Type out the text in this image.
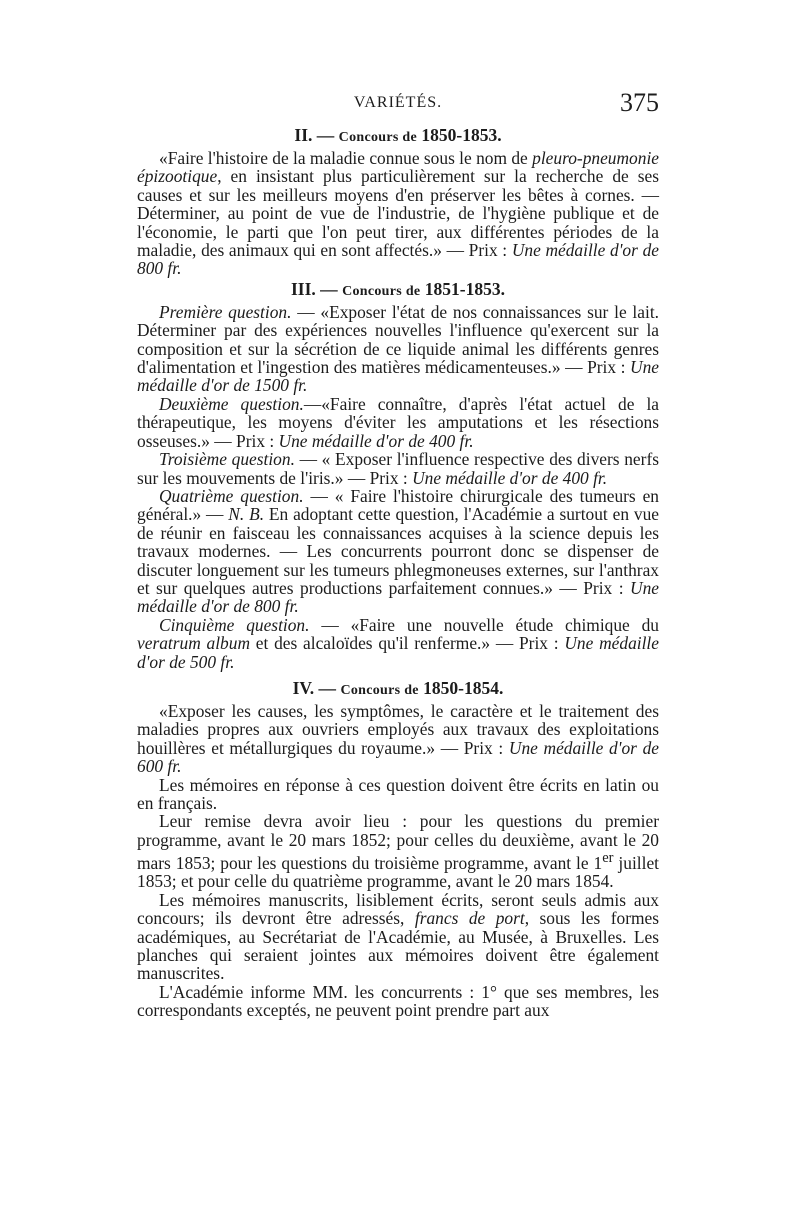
VARIÉTÉS.	375
II. — Concours de 1850-1853.

«Faire l'histoire de la maladie connue sous le nom de pleuro-pneumonie épizootique, en insistant plus particulièrement sur la recherche de ses causes et sur les meilleurs moyens d'en préserver les bêtes à cornes. — Déterminer, au point de vue de l'industrie, de l'hygiène publique et de l'économie, le parti que l'on peut tirer, aux différentes périodes de la maladie, des animaux qui en sont affectés.» — Prix : Une médaille d'or de 800 fr.

III. — Concours de 1851-1853.

Première question. — «Exposer l'état de nos connaissances sur le lait. Déterminer par des expériences nouvelles l'influence qu'exercent sur la composition et sur la sécrétion de ce liquide animal les différents genres d'alimentation et l'ingestion des matières médicamenteuses.» — Prix : Une médaille d'or de 1500 fr.

Deuxième question.—«Faire connaître, d'après l'état actuel de la thérapeutique, les moyens d'éviter les amputations et les résections osseuses.» — Prix : Une médaille d'or de 400 fr.

Troisième question. — « Exposer l'influence respective des divers nerfs sur les mouvements de l'iris.» — Prix : Une médaille d'or de 400 fr.

Quatrième question. — « Faire l'histoire chirurgicale des tumeurs en général.» — N. B. En adoptant cette question, l'Académie a surtout en vue de réunir en faisceau les connaissances acquises à la science depuis les travaux modernes. — Les concurrents pourront donc se dispenser de discuter longuement sur les tumeurs phlegmoneuses externes, sur l'anthrax et sur quelques autres productions parfaitement connues.» — Prix : Une médaille d'or de 800 fr.

Cinquième question. — «Faire une nouvelle étude chimique du veratrum album et des alcaloïdes qu'il renferme.» — Prix : Une médaille d'or de 500 fr.

IV. — Concours de 1850-1854.

«Exposer les causes, les symptômes, le caractère et le traitement des maladies propres aux ouvriers employés aux travaux des exploitations houillères et métallurgiques du royaume.» — Prix : Une médaille d'or de 600 fr.

Les mémoires en réponse à ces question doivent être écrits en latin ou en français.

Leur remise devra avoir lieu : pour les questions du premier programme, avant le 20 mars 1852; pour celles du deuxième, avant le 20 mars 1853; pour les questions du troisième programme, avant le 1er juillet 1853; et pour celle du quatrième programme, avant le 20 mars 1854.

Les mémoires manuscrits, lisiblement écrits, seront seuls admis aux concours; ils devront être adressés, francs de port, sous les formes académiques, au Secrétariat de l'Académie, au Musée, à Bruxelles. Les planches qui seraient jointes aux mémoires doivent être également manuscrites.

L'Académie informe MM. les concurrents : 1° que ses membres, les correspondants exceptés, ne peuvent point prendre part aux
